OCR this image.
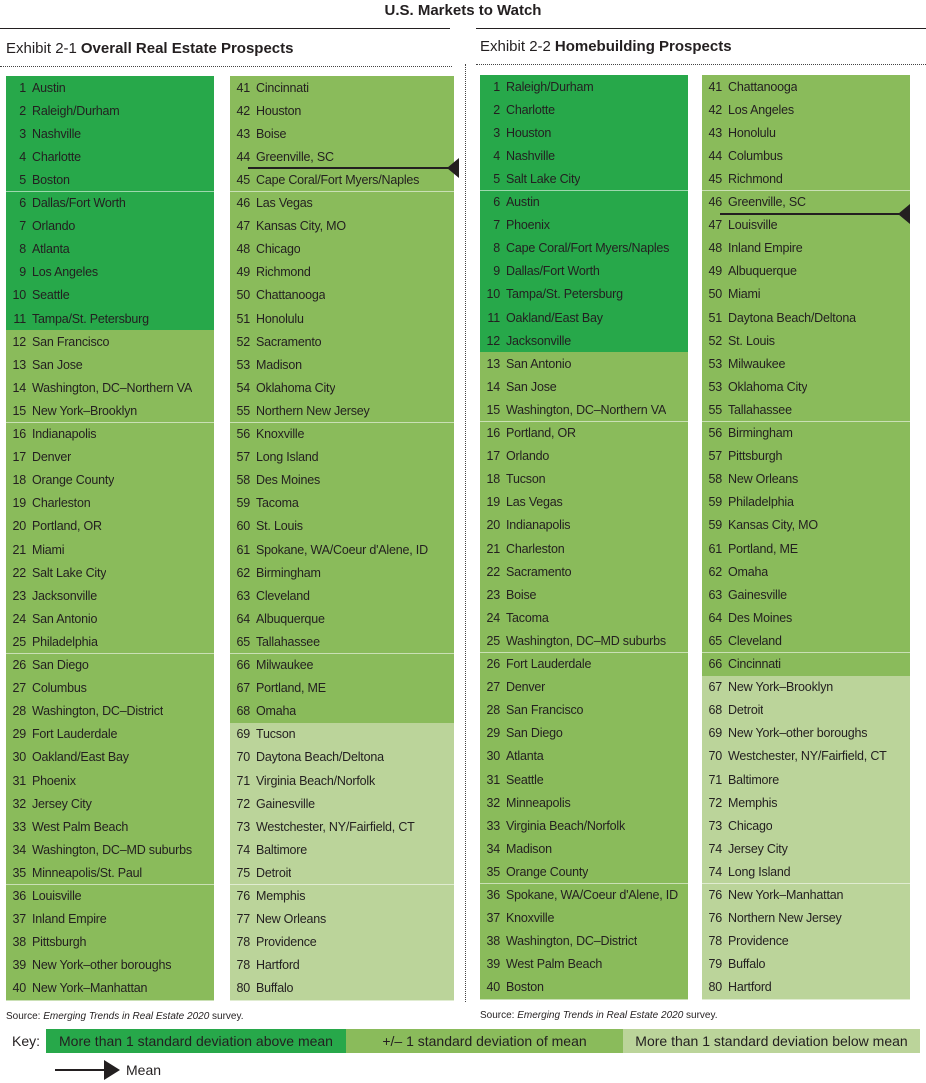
U.S. Markets to Watch
Exhibit 2-1 Overall Real Estate Prospects	Exhibit 2-2 Homebuilding Prospects
1 Austin
2 Raleigh/Durham
3 Nashville
4 Charlotte
5 Boston
6 Dallas/Fort Worth
7 Orlando
8 Atlanta
9 Los Angeles
10 Seattle
11 Tampa/St. Petersburg
12 San Francisco
13 San Jose
14 Washington, DC–Northern VA
15 New York–Brooklyn
16 Indianapolis
17 Denver
18 Orange County
19 Charleston
20 Portland, OR
21 Miami
22 Salt Lake City
23 Jacksonville
24 San Antonio
25 Philadelphia
26 San Diego
27 Columbus
28 Washington, DC–District
29 Fort Lauderdale
30 Oakland/East Bay
31 Phoenix
32 Jersey City
33 West Palm Beach
34 Washington, DC–MD suburbs
35 Minneapolis/St. Paul
36 Louisville
37 Inland Empire
38 Pittsburgh
39 New York–other boroughs
40 New York–Manhattan
41 Cincinnati
42 Houston
43 Boise
44 Greenville, SC
45 Cape Coral/Fort Myers/Naples
46 Las Vegas
47 Kansas City, MO
48 Chicago
49 Richmond
50 Chattanooga
51 Honolulu
52 Sacramento
53 Madison
54 Oklahoma City
55 Northern New Jersey
56 Knoxville
57 Long Island
58 Des Moines
59 Tacoma
60 St. Louis
61 Spokane, WA/Coeur d'Alene, ID
62 Birmingham
63 Cleveland
64 Albuquerque
65 Tallahassee
66 Milwaukee
67 Portland, ME
68 Omaha
69 Tucson
70 Daytona Beach/Deltona
71 Virginia Beach/Norfolk
72 Gainesville
73 Westchester, NY/Fairfield, CT
74 Baltimore
75 Detroit
76 Memphis
77 New Orleans
78 Providence
78 Hartford
80 Buffalo
1 Raleigh/Durham
2 Charlotte
3 Houston
4 Nashville
5 Salt Lake City
6 Austin
7 Phoenix
8 Cape Coral/Fort Myers/Naples
9 Dallas/Fort Worth
10 Tampa/St. Petersburg
11 Oakland/East Bay
12 Jacksonville
13 San Antonio
14 San Jose
15 Washington, DC–Northern VA
16 Portland, OR
17 Orlando
18 Tucson
19 Las Vegas
20 Indianapolis
21 Charleston
22 Sacramento
23 Boise
24 Tacoma
25 Washington, DC–MD suburbs
26 Fort Lauderdale
27 Denver
28 San Francisco
29 San Diego
30 Atlanta
31 Seattle
32 Minneapolis
33 Virginia Beach/Norfolk
34 Madison
35 Orange County
36 Spokane, WA/Coeur d'Alene, ID
37 Knoxville
38 Washington, DC–District
39 West Palm Beach
40 Boston
41 Chattanooga
42 Los Angeles
43 Honolulu
44 Columbus
45 Richmond
46 Greenville, SC
47 Louisville
48 Inland Empire
49 Albuquerque
50 Miami
51 Daytona Beach/Deltona
52 St. Louis
53 Milwaukee
53 Oklahoma City
55 Tallahassee
56 Birmingham
57 Pittsburgh
58 New Orleans
59 Philadelphia
59 Kansas City, MO
61 Portland, ME
62 Omaha
63 Gainesville
64 Des Moines
65 Cleveland
66 Cincinnati
67 New York–Brooklyn
68 Detroit
69 New York–other boroughs
70 Westchester, NY/Fairfield, CT
71 Baltimore
72 Memphis
73 Chicago
74 Jersey City
74 Long Island
76 New York–Manhattan
76 Northern New Jersey
78 Providence
79 Buffalo
80 Hartford
Source: Emerging Trends in Real Estate 2020 survey.	Source: Emerging Trends in Real Estate 2020 survey.
Key:	More than 1 standard deviation above mean	+/– 1 standard deviation of mean	More than 1 standard deviation below mean
Mean
